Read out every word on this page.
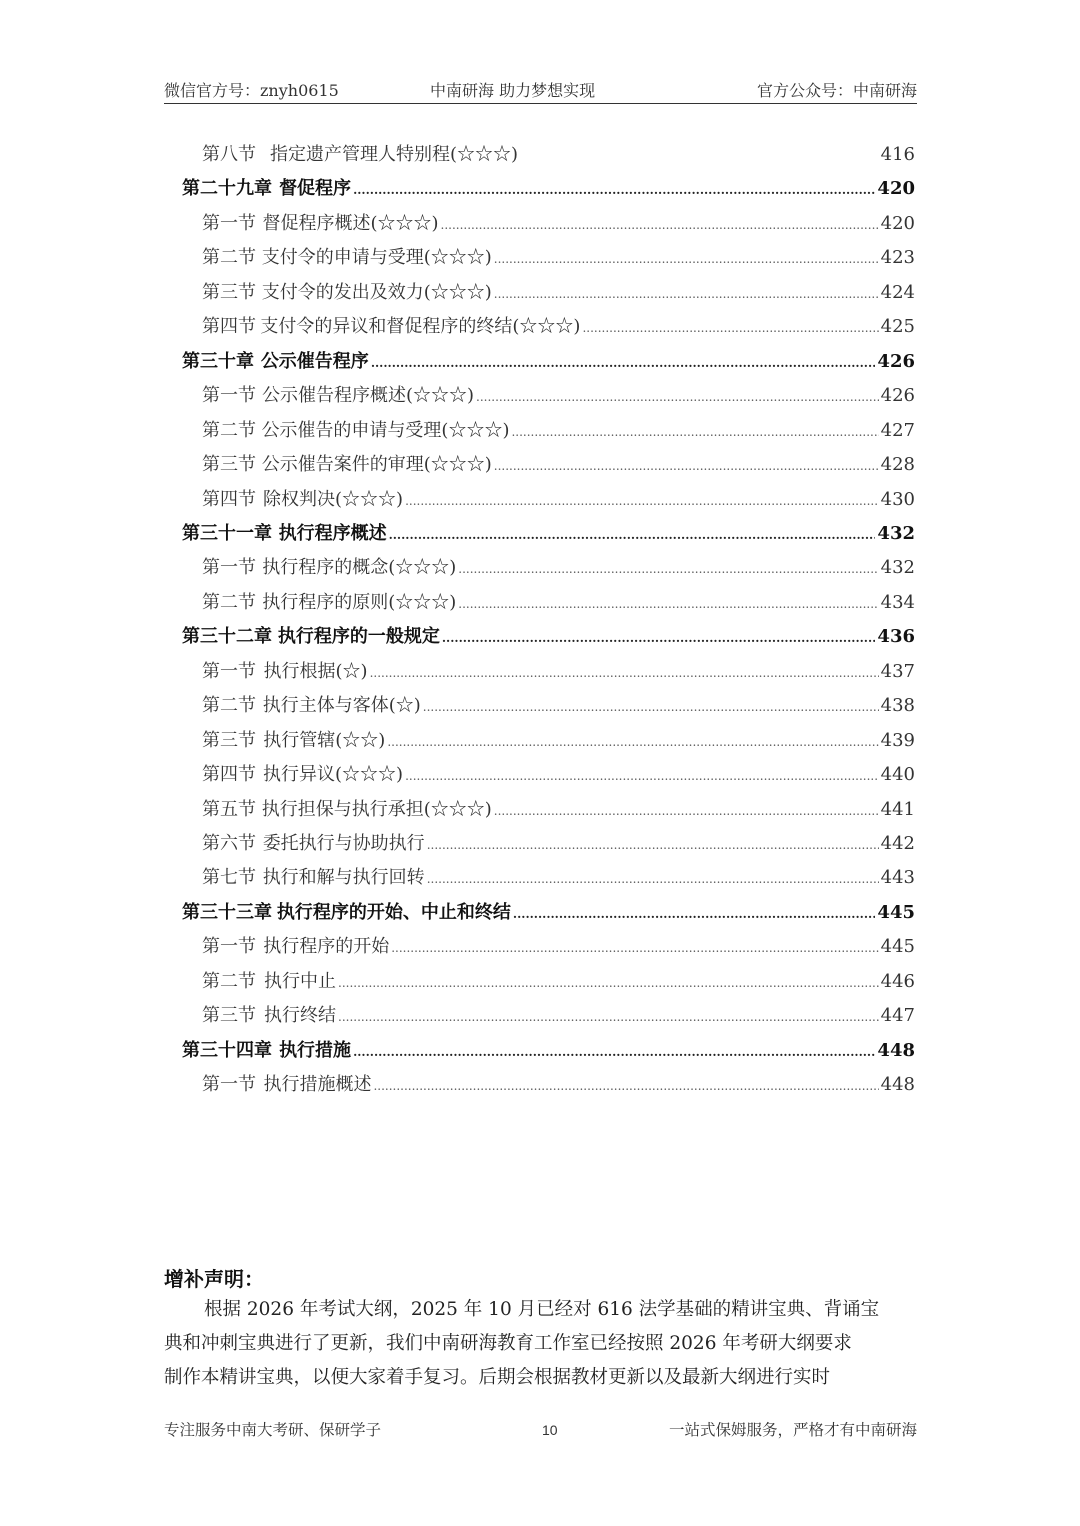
微信官方号：znyh0615	中南研海 助力梦想实现	官方公众号：中南研海
第八节 指定遗产管理人特别程(☆☆☆)	416
第二十九章 督促程序 .....	420
第一节 督促程序概述(☆☆☆) .....	420
第二节 支付令的申请与受理(☆☆☆) .....	423
第三节 支付令的发出及效力(☆☆☆) .....	424
第四节 支付令的异议和督促程序的终结(☆☆☆) .....	425
第三十章 公示催告程序 .....	426
第一节 公示催告程序概述(☆☆☆) .....	426
第二节 公示催告的申请与受理(☆☆☆) .....	427
第三节 公示催告案件的审理(☆☆☆) .....	428
第四节 除权判决(☆☆☆) .....	430
第三十一章 执行程序概述 .....	432
第一节 执行程序的概念(☆☆☆) .....	432
第二节 执行程序的原则(☆☆☆) .....	434
第三十二章 执行程序的一般规定 .....	436
第一节 执行根据(☆) .....	437
第二节 执行主体与客体(☆) .....	438
第三节 执行管辖(☆☆) .....	439
第四节 执行异议(☆☆☆) .....	440
第五节 执行担保与执行承担(☆☆☆) .....	441
第六节 委托执行与协助执行 .....	442
第七节 执行和解与执行回转 .....	443
第三十三章 执行程序的开始、中止和终结 .....	445
第一节 执行程序的开始 .....	445
第二节 执行中止 .....	446
第三节 执行终结 .....	447
第三十四章 执行措施 .....	448
第一节 执行措施概述 .....	448
增补声明：
根据 2026 年考试大纲，2025 年 10 月已经对 616 法学基础的精讲宝典、背诵宝
典和冲刺宝典进行了更新，我们中南研海教育工作室已经按照 2026 年考研大纲要求
制作本精讲宝典，以便大家着手复习。后期会根据教材更新以及最新大纲进行实时
专注服务中南大考研、保研学子	10	一站式保姆服务，严格才有中南研海
